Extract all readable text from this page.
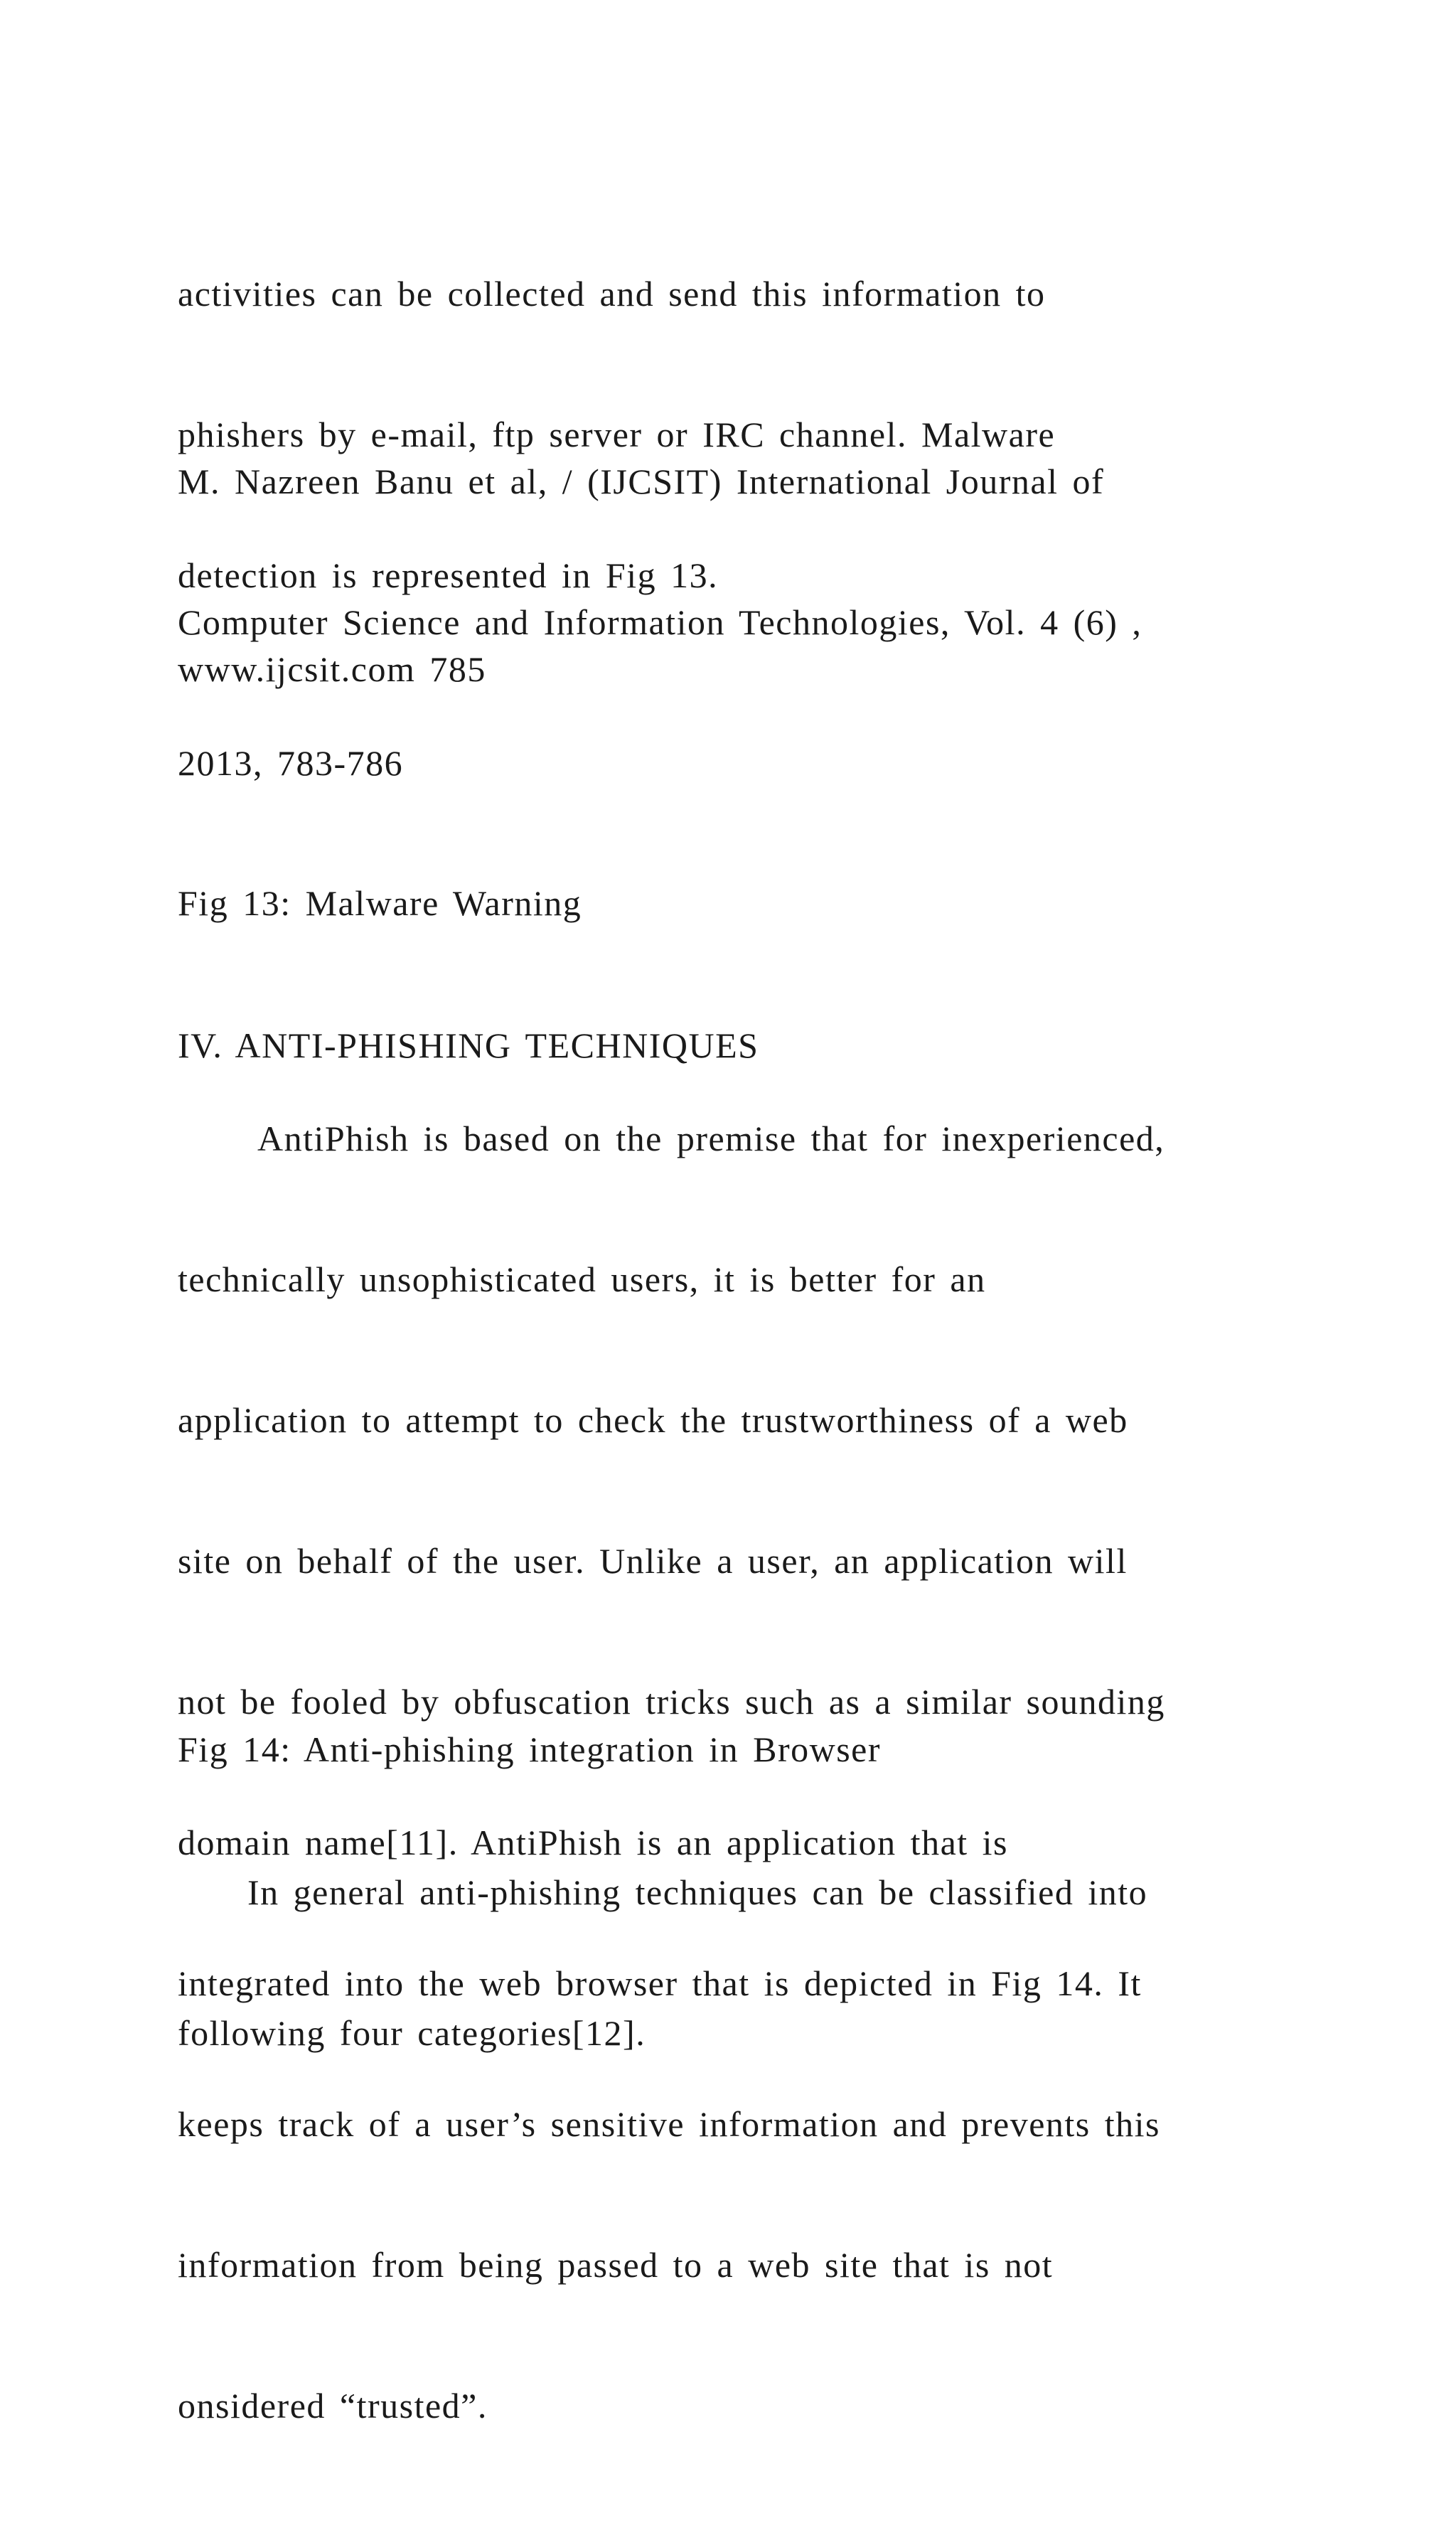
activities can be collected and send this information to

phishers by e-mail, ftp server or IRC channel. Malware

detection is represented in Fig 13.

M. Nazreen Banu et al, / (IJCSIT) International Journal of

Computer Science and Information Technologies, Vol. 4 (6) ,

2013, 783-786

www.ijcsit.com 785

Fig 13: Malware Warning

IV. ANTI-PHISHING TECHNIQUES

AntiPhish is based on the premise that for inexperienced,

technically unsophisticated users, it is better for an

application to attempt to check the trustworthiness of a web

site on behalf of the user. Unlike a user, an application will

not be fooled by obfuscation tricks such as a similar sounding

domain name[11]. AntiPhish is an application that is

integrated into the web browser that is depicted in Fig 14. It

keeps track of a user’s sensitive information and prevents this

information from being passed to a web site that is not

onsidered “trusted”.

Fig 14: Anti-phishing integration in Browser

In general anti-phishing techniques can be classified into

following four categories[12].
